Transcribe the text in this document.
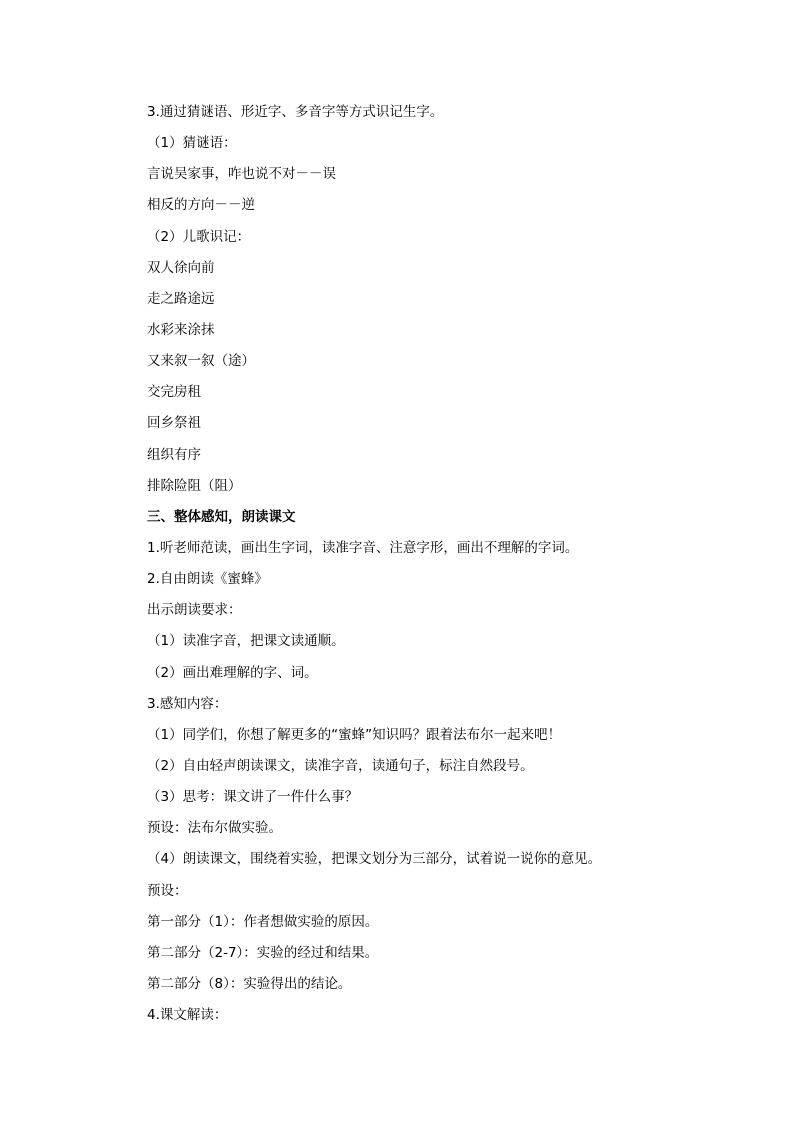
3.通过猜谜语、形近字、多音字等方式识记生字。
（1）猜谜语：
言说吴家事，咋也说不对－－误
相反的方向－－逆
（2）儿歌识记：
双人徐向前
走之路途远
水彩来涂抹
又来叙一叙（途）
交完房租
回乡祭祖
组织有序
排除险阻（阻）
三、整体感知，朗读课文
1.听老师范读，画出生字词，读准字音、注意字形，画出不理解的字词。
2.自由朗读《蜜蜂》
出示朗读要求：
（1）读准字音，把课文读通顺。
（2）画出难理解的字、词。
3.感知内容：
（1）同学们，你想了解更多的“蜜蜂”知识吗？跟着法布尔一起来吧！
（2）自由轻声朗读课文，读准字音，读通句子，标注自然段号。
（3）思考：课文讲了一件什么事？
预设：法布尔做实验。
（4）朗读课文，围绕着实验，把课文划分为三部分，试着说一说你的意见。
预设：
第一部分（1）：作者想做实验的原因。
第二部分（2-7）：实验的经过和结果。
第二部分（8）：实验得出的结论。
4.课文解读：
